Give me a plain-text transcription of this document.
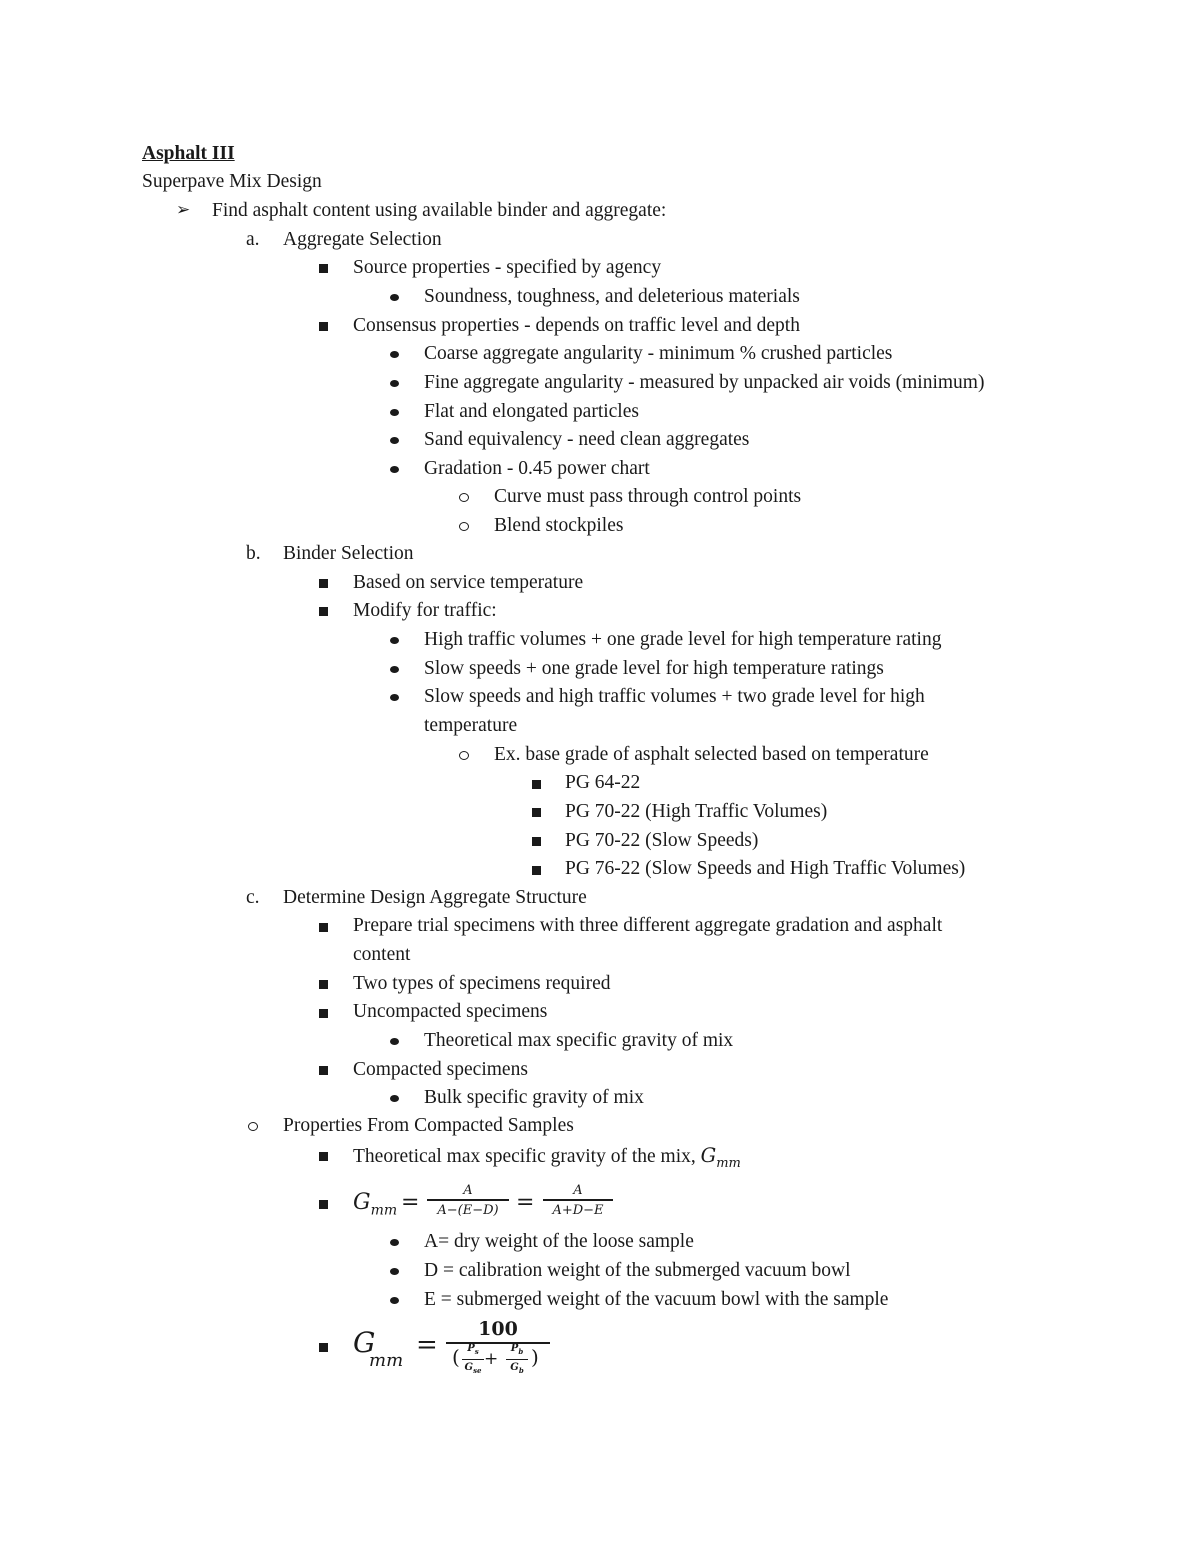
Asphalt III
Superpave Mix Design
➢ Find asphalt content using available binder and aggregate:
a. Aggregate Selection
Source properties - specified by agency
Soundness, toughness, and deleterious materials
Consensus properties - depends on traffic level and depth
Coarse aggregate angularity - minimum % crushed particles
Fine aggregate angularity - measured by unpacked air voids (minimum)
Flat and elongated particles
Sand equivalency - need clean aggregates
Gradation - 0.45 power chart
Curve must pass through control points
Blend stockpiles
b. Binder Selection
Based on service temperature
Modify for traffic:
High traffic volumes + one grade level for high temperature rating
Slow speeds + one grade level for high temperature ratings
Slow speeds and high traffic volumes + two grade level for high
temperature
Ex. base grade of asphalt selected based on temperature
PG 64-22
PG 70-22 (High Traffic Volumes)
PG 70-22 (Slow Speeds)
PG 76-22 (Slow Speeds and High Traffic Volumes)
c. Determine Design Aggregate Structure
Prepare trial specimens with three different aggregate gradation and asphalt
content
Two types of specimens required
Uncompacted specimens
Theoretical max specific gravity of mix
Compacted specimens
Bulk specific gravity of mix
Properties From Compacted Samples
Theoretical max specific gravity of the mix, $G_{mm}$
$G_{mm}$ =	A
A−(E−D) =	A
A+D−E
A= dry weight of the loose sample
D = calibration weight of the submerged vacuum bowl
E = submerged weight of the vacuum bowl with the sample
G
mm
=
100
( $P_s$
$G_{se}$
+
$P_b$
$G_b$
)
